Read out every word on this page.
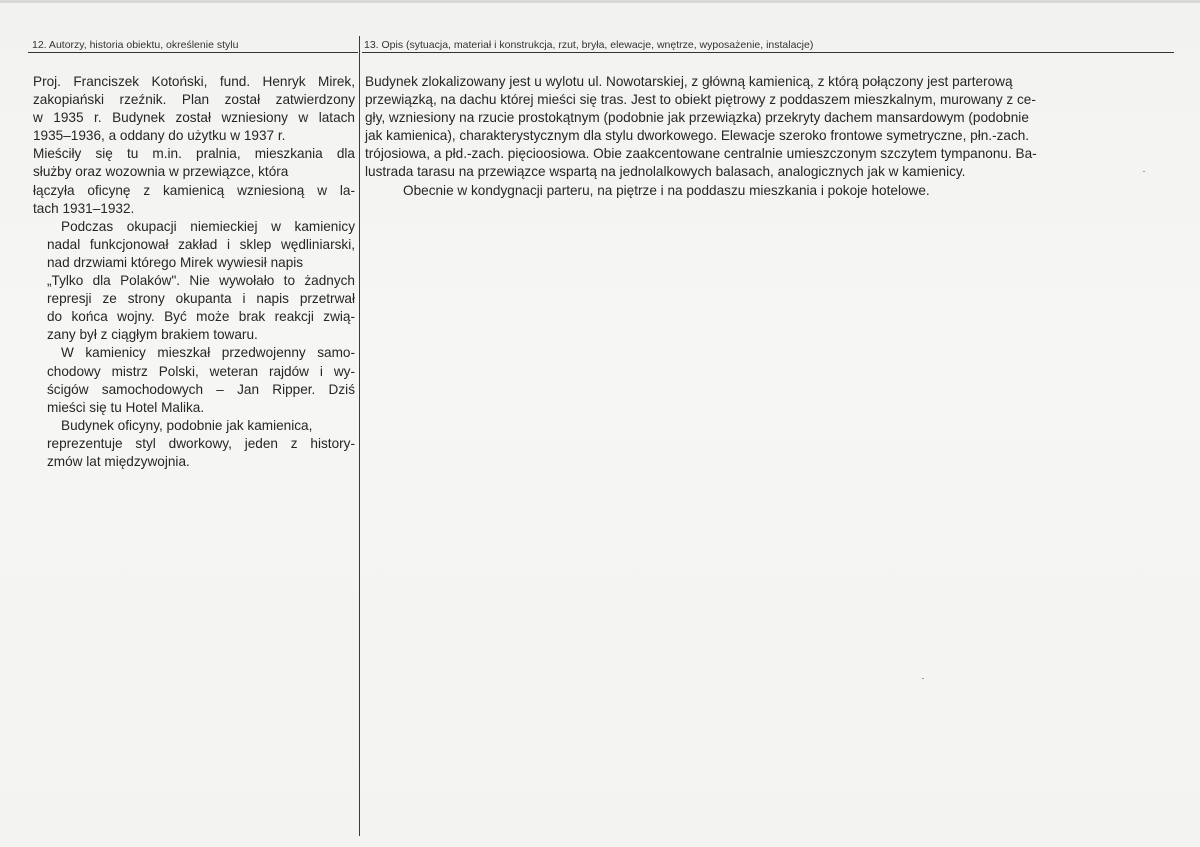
12. Autorzy, historia obiektu, określenie stylu	13. Opis (sytuacja, materiał i konstrukcja, rzut, bryła, elewacje, wnętrze, wyposażenie, instalacje)

Proj. Franciszek Kotoński, fund. Henryk Mirek,
zakopiański rzeźnik. Plan został zatwierdzony
w 1935 r. Budynek został wzniesiony w latach
1935–1936, a oddany do użytku w 1937 r.
Mieściły się tu m.in. pralnia, mieszkania dla
służby oraz wozownia w przewiązce, która
łączyła oficynę z kamienicą wzniesioną w la-
tach 1931–1932.

Podczas okupacji niemieckiej w kamienicy
nadal funkcjonował zakład i sklep wędliniarski,
nad drzwiami którego Mirek wywiesił napis
„Tylko dla Polaków". Nie wywołało to żadnych
represji ze strony okupanta i napis przetrwał
do końca wojny. Być może brak reakcji zwią-
zany był z ciągłym brakiem towaru.

W kamienicy mieszkał przedwojenny samo-
chodowy mistrz Polski, weteran rajdów i wy-
ścigów samochodowych – Jan Ripper. Dziś
mieści się tu Hotel Malika.

Budynek oficyny, podobnie jak kamienica,
reprezentuje styl dworkowy, jeden z history-
zmów lat międzywojnia.

Budynek zlokalizowany jest u wylotu ul. Nowotarskiej, z główną kamienicą, z którą połączony jest parterową
przewiązką, na dachu której mieści się tras. Jest to obiekt piętrowy z poddaszem mieszkalnym, murowany z ce-
gły, wzniesiony na rzucie prostokątnym (podobnie jak przewiązka) przekryty dachem mansardowym (podobnie
jak kamienica), charakterystycznym dla stylu dworkowego. Elewacje szeroko frontowe symetryczne, płn.-zach.
trójosiowa, a płd.-zach. pięcioosiowa. Obie zaakcentowane centralnie umieszczonym szczytem tympanonu. Ba-
lustrada tarasu na przewiązce wspartą na jednolalkowych balasach, analogicznych jak w kamienicy.

Obecnie w kondygnacji parteru, na piętrze i na poddaszu mieszkania i pokoje hotelowe.
